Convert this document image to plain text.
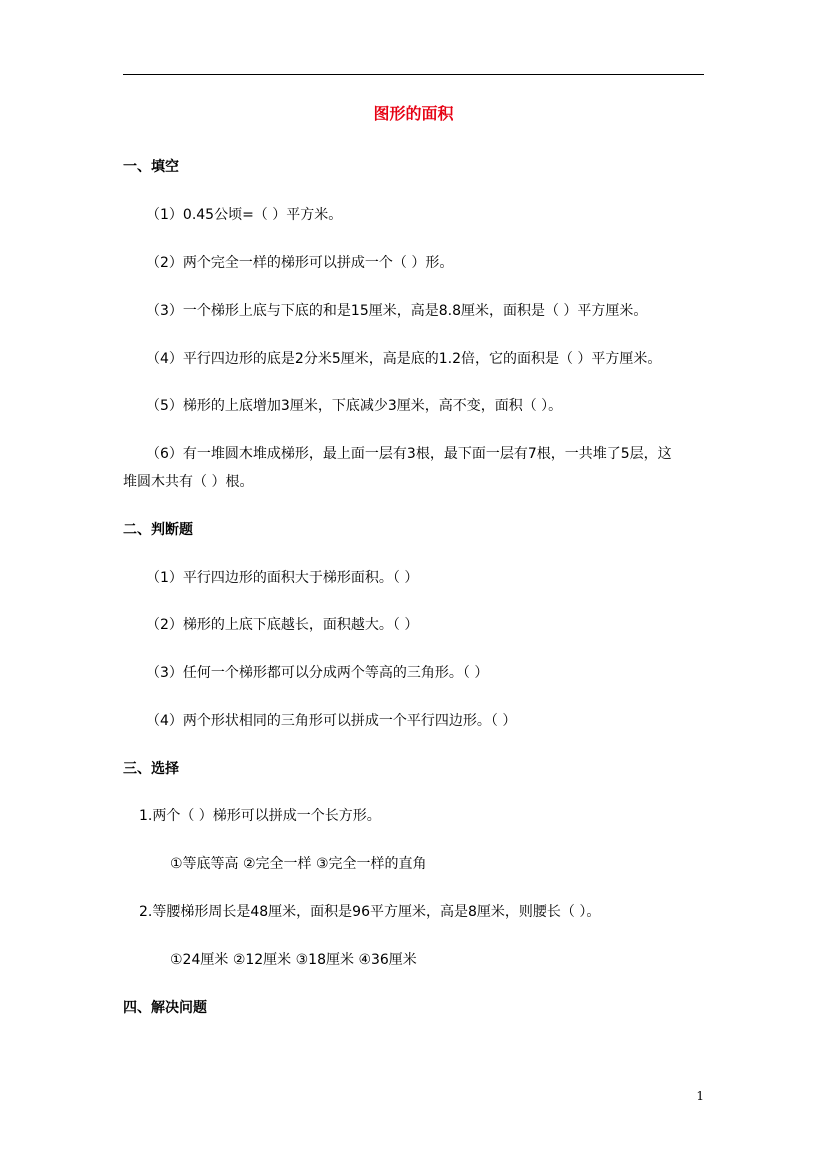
图形的面积
一、填空
（1）0.45公顷=（ ）平方米。
（2）两个完全一样的梯形可以拼成一个（ ）形。
（3）一个梯形上底与下底的和是15厘米，高是8.8厘米，面积是（ ）平方厘米。
（4）平行四边形的底是2分米5厘米，高是底的1.2倍，它的面积是（ ）平方厘米。
（5）梯形的上底增加3厘米，下底减少3厘米，高不变，面积（ ）。
（6）有一堆圆木堆成梯形，最上面一层有3根，最下面一层有7根，一共堆了5层，这
堆圆木共有（ ）根。
二、判断题
（1）平行四边形的面积大于梯形面积。（ ）
（2）梯形的上底下底越长，面积越大。（ ）
（3）任何一个梯形都可以分成两个等高的三角形。（ ）
（4）两个形状相同的三角形可以拼成一个平行四边形。（ ）
三、选择
1.两个（ ）梯形可以拼成一个长方形。
①等底等高 ②完全一样 ③完全一样的直角
2.等腰梯形周长是48厘米，面积是96平方厘米，高是8厘米，则腰长（ ）。
①24厘米 ②12厘米 ③18厘米 ④36厘米
四、解决问题
1
